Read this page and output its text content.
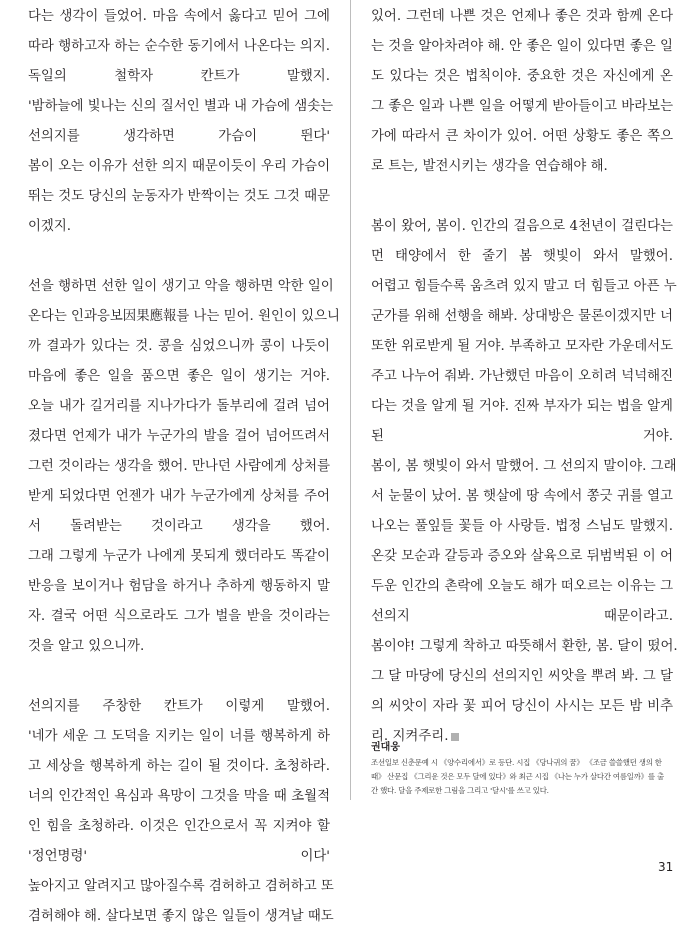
다는 생각이 들었어. 마음 속에서 옳다고 믿어 그에
따라 행하고자 하는 순수한 동기에서 나온다는 의지.
독일의 철학자 칸트가 말했지.
'밤하늘에 빛나는 신의 질서인 별과 내 가슴에 샘솟는
선의지를 생각하면 가슴이 뛴다'
봄이 오는 이유가 선한 의지 때문이듯이 우리 가슴이
뛰는 것도 당신의 눈동자가 반짝이는 것도 그것 때문
이겠지.
선을 행하면 선한 일이 생기고 악을 행하면 악한 일이
온다는 인과응보因果應報를 나는 믿어. 원인이 있으니
까 결과가 있다는 것. 콩을 심었으니까 콩이 나듯이
마음에 좋은 일을 품으면 좋은 일이 생기는 거야.
오늘 내가 길거리를 지나가다가 돌부리에 걸려 넘어
졌다면 언제가 내가 누군가의 발을 걸어 넘어뜨려서
그런 것이라는 생각을 했어. 만나던 사람에게 상처를
받게 되었다면 언젠가 내가 누군가에게 상처를 주어
서 돌려받는 것이라고 생각을 했어.
그래 그렇게 누군가 나에게 못되게 했더라도 똑같이
반응을 보이거나 험담을 하거나 추하게 행동하지 말
자. 결국 어떤 식으로라도 그가 벌을 받을 것이라는
것을 알고 있으니까.
선의지를 주창한 칸트가 이렇게 말했어.
'네가 세운 그 도덕을 지키는 일이 너를 행복하게 하
고 세상을 행복하게 하는 길이 될 것이다. 초청하라.
너의 인간적인 욕심과 욕망이 그것을 막을 때 초월적
인 힘을 초청하라. 이것은 인간으로서 꼭 지켜야 할
'정언명령' 이다'
높아지고 알려지고 많아질수록 겸허하고 겸허하고 또
겸허해야 해. 살다보면 좋지 않은 일들이 생겨날 때도
있어. 그런데 나쁜 것은 언제나 좋은 것과 함께 온다
는 것을 알아차려야 해. 안 좋은 일이 있다면 좋은 일
도 있다는 것은 법칙이야. 중요한 것은 자신에게 온
그 좋은 일과 나쁜 일을 어떻게 받아들이고 바라보는
가에 따라서 큰 차이가 있어. 어떤 상황도 좋은 쪽으
로 트는, 발전시키는 생각을 연습해야 해.
봄이 왔어, 봄이. 인간의 걸음으로 4천년이 걸린다는
먼 태양에서 한 줄기 봄 햇빛이 와서 말했어.
어렵고 힘들수록 움츠려 있지 말고 더 힘들고 아픈 누
군가를 위해 선행을 해봐. 상대방은 물론이겠지만 너
또한 위로받게 될 거야. 부족하고 모자란 가운데서도
주고 나누어 줘봐. 가난했던 마음이 오히려 넉넉해진
다는 것을 알게 될 거야. 진짜 부자가 되는 법을 알게
된 거야.
봄이, 봄 햇빛이 와서 말했어. 그 선의지 말이야. 그래
서 눈물이 났어. 봄 햇살에 땅 속에서 쫑긋 귀를 열고
나오는 풀잎들 꽃들 아 사랑들. 법정 스님도 말했지.
온갖 모순과 갈등과 증오와 살육으로 뒤범벅된 이 어
두운 인간의 촌락에 오늘도 해가 떠오르는 이유는 그
선의지 때문이라고.
봄이야! 그렇게 착하고 따뜻해서 환한, 봄. 달이 떴어.
그 달 마당에 당신의 선의지인 씨앗을 뿌려 봐. 그 달
의 씨앗이 자라 꽃 피어 당신이 사시는 모든 밤 비추
리. 지켜주리.
권대웅
조선일보 신춘문예 시 《양수리에서》로 등단. 시집 《당나귀의 꿈》 《조금 쓸쓸했던 생의 한
때》 산문집 《그리운 것은 모두 달에 있다》와 최근 시집 《나는 누가 살다간 여름일까》를 출
간 했다. 달을 주제로한 그림을 그리고 '달시'를 쓰고 있다.
31
